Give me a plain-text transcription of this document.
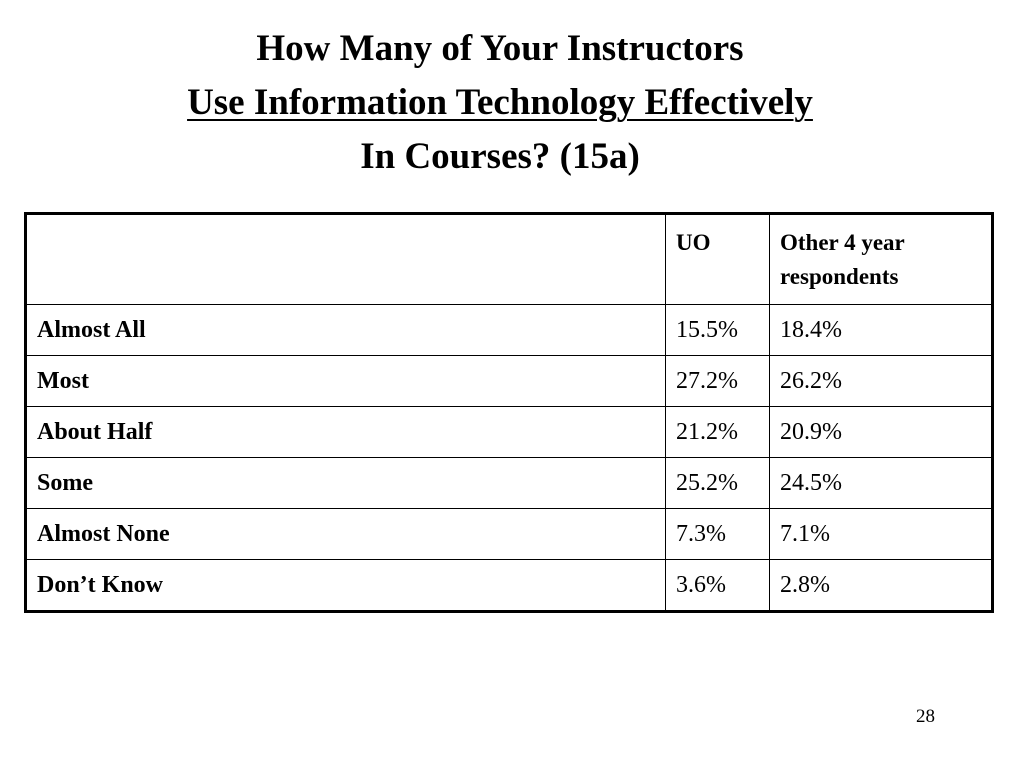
How Many of Your Instructors
Use Information Technology Effectively
In Courses? (15a)
	UO	Other 4 year respondents
Almost All	15.5%	18.4%
Most	27.2%	26.2%
About Half	21.2%	20.9%
Some	25.2%	24.5%
Almost None	7.3%	7.1%
Don’t Know	3.6%	2.8%
28
